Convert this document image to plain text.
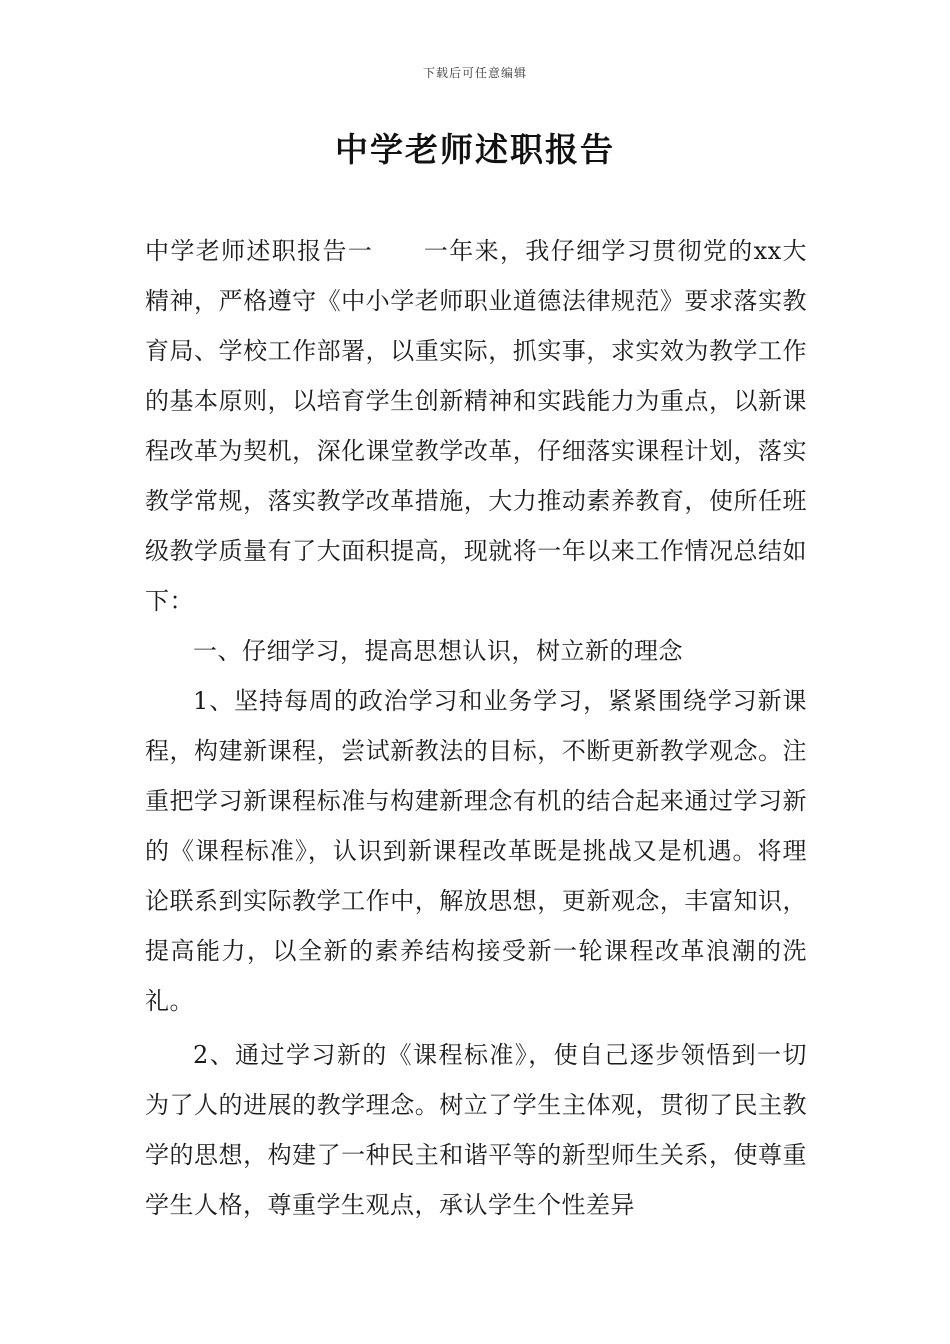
下载后可任意编辑
中学老师述职报告

中学老师述职报告一　　一年来，我仔细学习贯彻党的xx大精神，严格遵守《中小学老师职业道德法律规范》要求落实教育局、学校工作部署，以重实际，抓实事，求实效为教学工作的基本原则，以培育学生创新精神和实践能力为重点，以新课程改革为契机，深化课堂教学改革，仔细落实课程计划，落实教学常规，落实教学改革措施，大力推动素养教育，使所任班级教学质量有了大面积提高，现就将一年以来工作情况总结如下：

一、仔细学习，提高思想认识，树立新的理念

1、坚持每周的政治学习和业务学习，紧紧围绕学习新课程，构建新课程，尝试新教法的目标，不断更新教学观念。注重把学习新课程标准与构建新理念有机的结合起来通过学习新的《课程标准》，认识到新课程改革既是挑战又是机遇。将理论联系到实际教学工作中，解放思想，更新观念，丰富知识，提高能力，以全新的素养结构接受新一轮课程改革浪潮的洗礼。

2、通过学习新的《课程标准》，使自己逐步领悟到一切为了人的进展的教学理念。树立了学生主体观，贯彻了民主教学的思想，构建了一种民主和谐平等的新型师生关系，使尊重学生人格，尊重学生观点，承认学生个性差异
